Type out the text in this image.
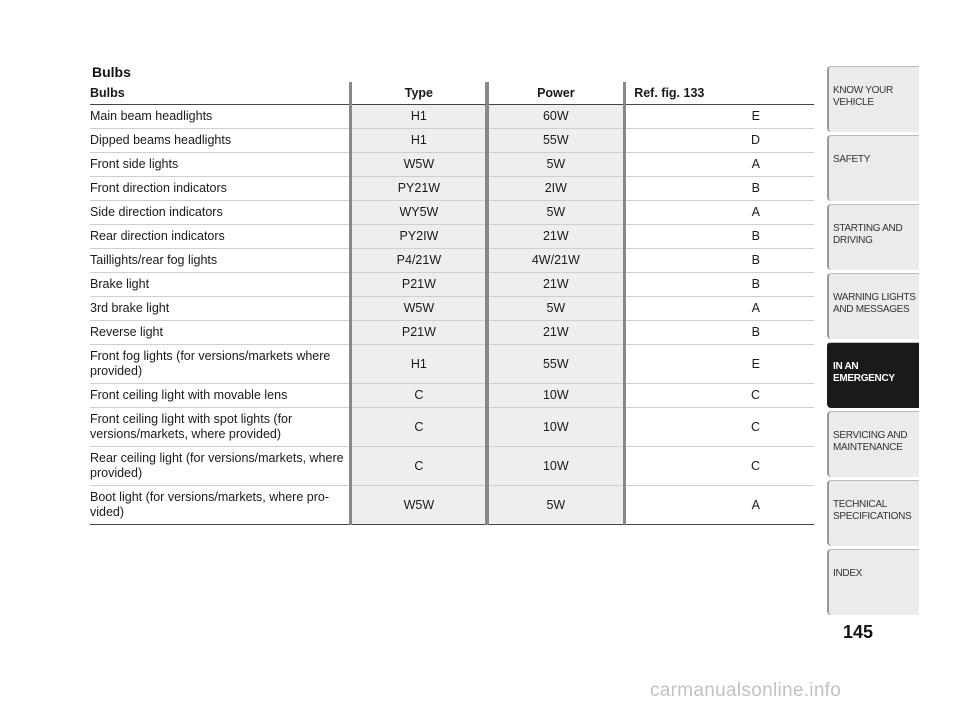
Bulbs
Bulbs		Type		Power		Ref. fig. 133
Main beam headlights		H1		60W		E
Dipped beams headlights		H1		55W		D
Front side lights		W5W		5W		A
Front direction indicators		PY21W		2IW		B
Side direction indicators		WY5W		5W		A
Rear direction indicators		PY2IW		21W		B
Taillights/rear fog lights		P4/21W		4W/21W		B
Brake light		P21W		21W		B
3rd brake light		W5W		5W		A
Reverse light		P21W		21W		B
Front fog lights (for versions/markets where provided)		H1		55W		E
Front ceiling light with movable lens		C		10W		C
Front ceiling light with spot lights (for versions/markets, where provided)		C		10W		C
Rear ceiling light (for versions/markets, where provided)		C		10W		C
Boot light (for versions/markets, where pro-vided)		W5W		5W		A
KNOW YOUR
VEHICLE
SAFETY
STARTING AND
DRIVING
WARNING LIGHTS
AND MESSAGES
IN AN
EMERGENCY
SERVICING AND
MAINTENANCE
TECHNICAL
SPECIFICATIONS
INDEX
145
carmanualsonline.info
